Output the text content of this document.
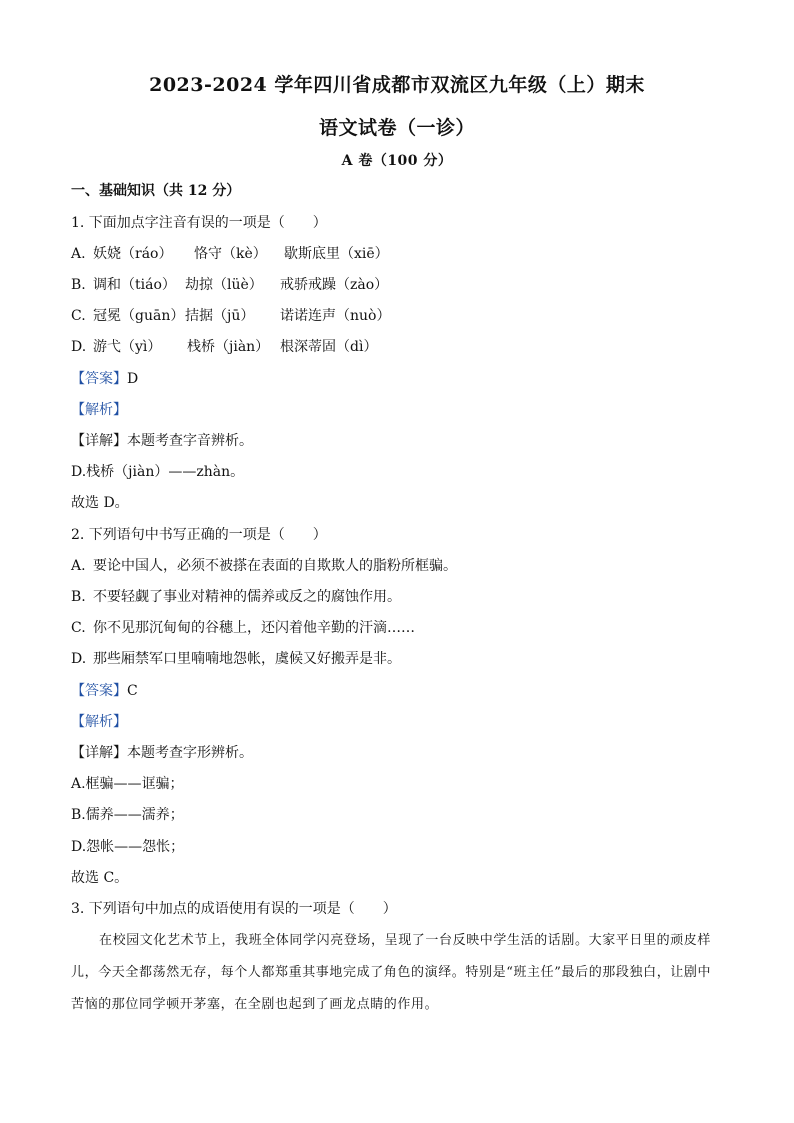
2023-2024 学年四川省成都市双流区九年级（上）期末
语文试卷（一诊）
A 卷（100 分）
一、基础知识（共 12 分）
1. 下面加点字注音有误的一项是（　　）
A. 妖娆（ráo） 恪守（kè） 歇斯底里（xiē）
B. 调和（tiáo） 劫掠（lüè） 戒骄戒躁（zào）
C. 冠冕（guān） 拮据（jū） 诺诺连声（nuò）
D. 游弋（yì） 栈桥（jiàn） 根深蒂固（dì）
【答案】D
【解析】
【详解】本题考查字音辨析。
D.栈桥（jiàn）——zhàn。
故选 D。
2. 下列语句中书写正确的一项是（　　）
A. 要论中国人，必须不被搽在表面的自欺欺人的脂粉所框骗。
B. 不要轻觑了事业对精神的儒养或反之的腐蚀作用。
C. 你不见那沉甸甸的谷穗上，还闪着他辛勤的汗滴……
D. 那些厢禁军口里喃喃地怨帐，虞候又好搬弄是非。
【答案】C
【解析】
【详解】本题考查字形辨析。
A.框骗——诓骗；
B.儒养——濡养；
D.怨帐——怨怅；
故选 C。
3. 下列语句中加点的成语使用有误的一项是（　　）
在校园文化艺术节上，我班全体同学闪亮登场，呈现了一台反映中学生活的话剧。大家平日里的顽皮样儿，今天全都荡然无存，每个人都郑重其事地完成了角色的演绎。特别是“班主任”最后的那段独白，让剧中苦恼的那位同学顿开茅塞，在全剧也起到了画龙点睛的作用。
